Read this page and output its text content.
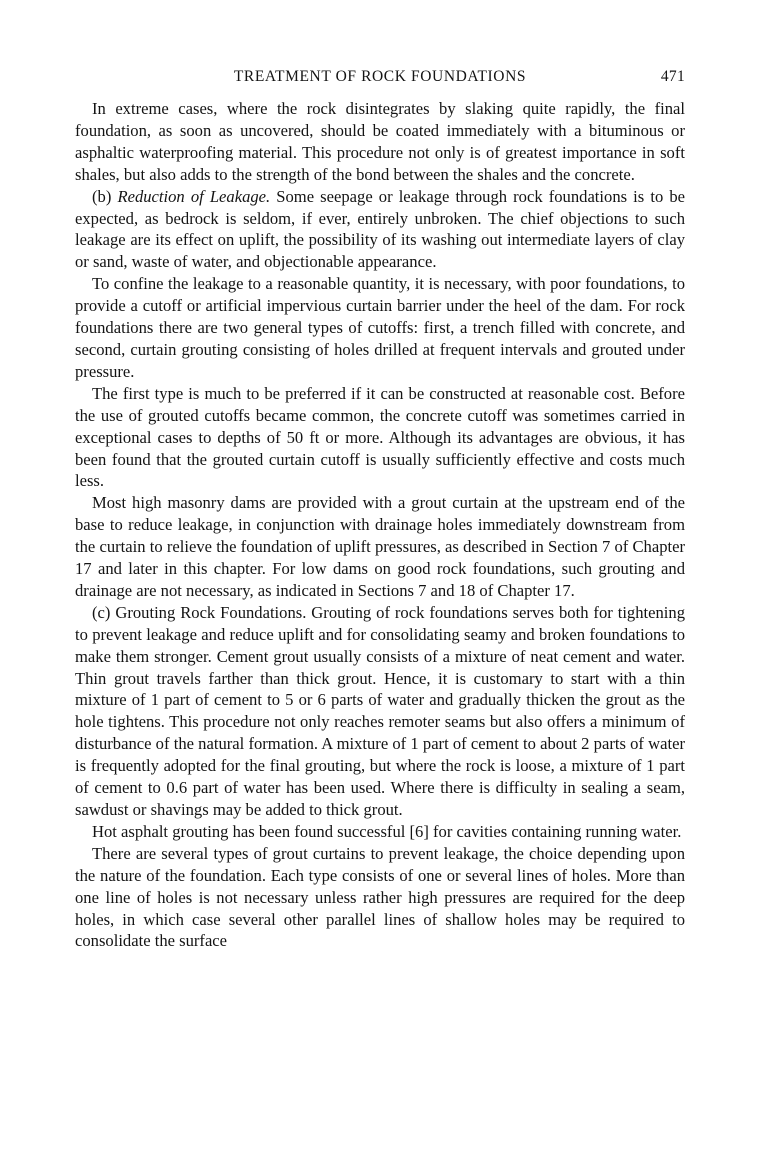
TREATMENT OF ROCK FOUNDATIONS	471

In extreme cases, where the rock disintegrates by slaking quite rapidly, the final foundation, as soon as uncovered, should be coated immediately with a bituminous or asphaltic waterproofing material. This procedure not only is of greatest importance in soft shales, but also adds to the strength of the bond between the shales and the concrete.

(b) Reduction of Leakage. Some seepage or leakage through rock foundations is to be expected, as bedrock is seldom, if ever, entirely unbroken. The chief objections to such leakage are its effect on uplift, the possibility of its washing out intermediate layers of clay or sand, waste of water, and objectionable appearance.

To confine the leakage to a reasonable quantity, it is necessary, with poor foundations, to provide a cutoff or artificial impervious curtain barrier under the heel of the dam. For rock foundations there are two general types of cutoffs: first, a trench filled with concrete, and second, curtain grouting consisting of holes drilled at frequent intervals and grouted under pressure.

The first type is much to be preferred if it can be constructed at reasonable cost. Before the use of grouted cutoffs became common, the concrete cutoff was sometimes carried in exceptional cases to depths of 50 ft or more. Although its advantages are obvious, it has been found that the grouted curtain cutoff is usually sufficiently effective and costs much less.

Most high masonry dams are provided with a grout curtain at the upstream end of the base to reduce leakage, in conjunction with drainage holes immediately downstream from the curtain to relieve the foundation of uplift pressures, as described in Section 7 of Chapter 17 and later in this chapter. For low dams on good rock foundations, such grouting and drainage are not necessary, as indicated in Sections 7 and 18 of Chapter 17.

(c) Grouting Rock Foundations. Grouting of rock foundations serves both for tightening to prevent leakage and reduce uplift and for consolidating seamy and broken foundations to make them stronger. Cement grout usually consists of a mixture of neat cement and water. Thin grout travels farther than thick grout. Hence, it is customary to start with a thin mixture of 1 part of cement to 5 or 6 parts of water and gradually thicken the grout as the hole tightens. This procedure not only reaches remoter seams but also offers a minimum of disturbance of the natural formation. A mixture of 1 part of cement to about 2 parts of water is frequently adopted for the final grouting, but where the rock is loose, a mixture of 1 part of cement to 0.6 part of water has been used. Where there is difficulty in sealing a seam, sawdust or shavings may be added to thick grout.

Hot asphalt grouting has been found successful [6] for cavities containing running water.

There are several types of grout curtains to prevent leakage, the choice depending upon the nature of the foundation. Each type consists of one or several lines of holes. More than one line of holes is not necessary unless rather high pressures are required for the deep holes, in which case several other parallel lines of shallow holes may be required to consolidate the surface
